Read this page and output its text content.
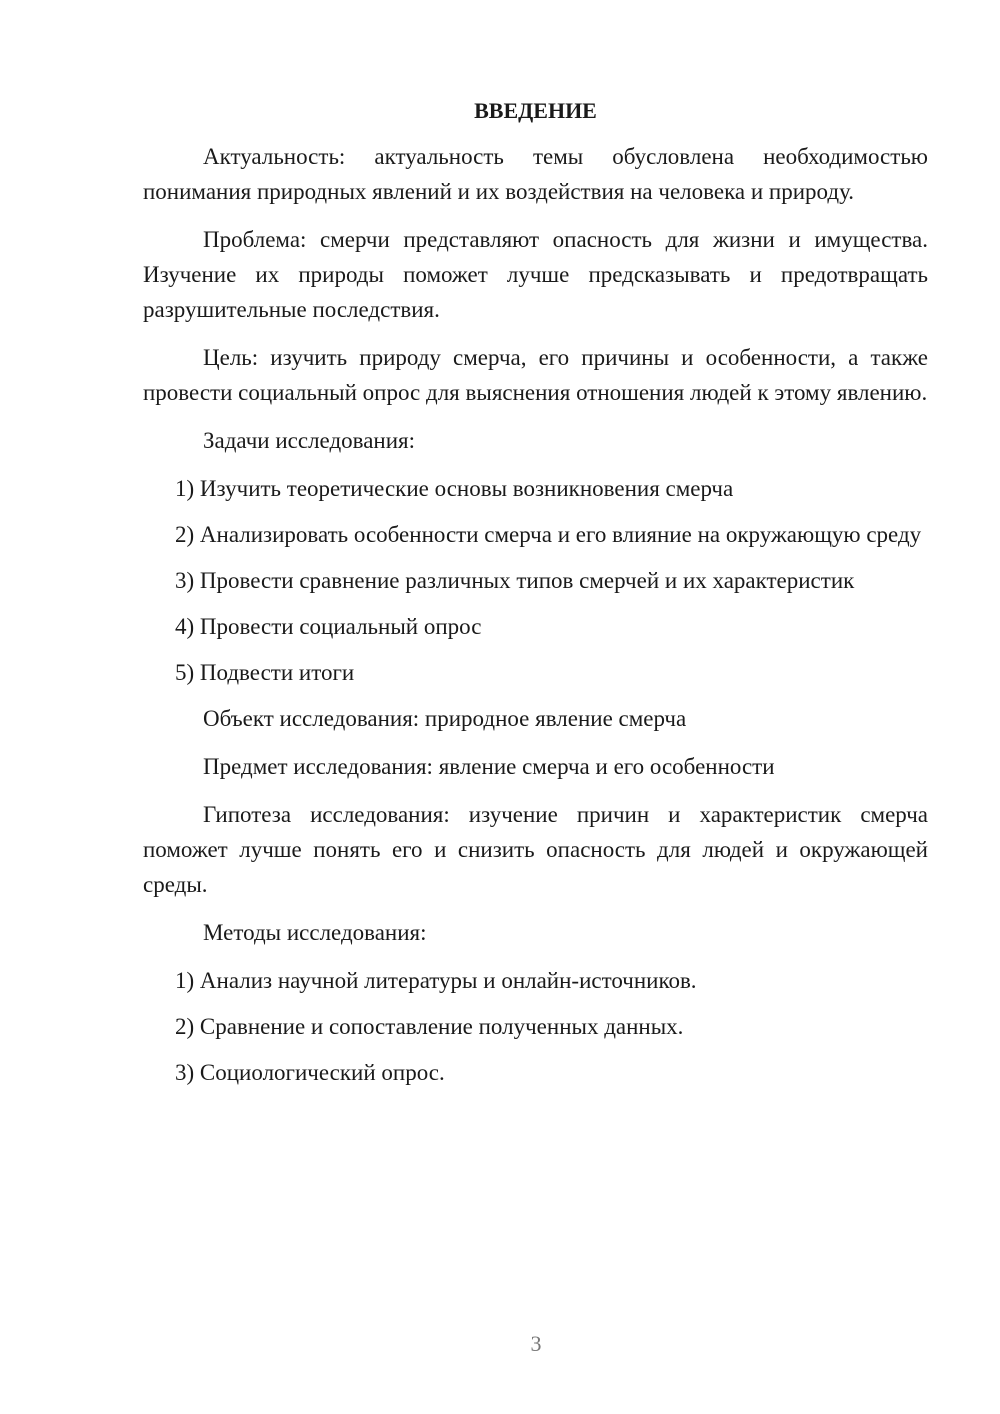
ВВЕДЕНИЕ

Актуальность: актуальность темы обусловлена необходимостью понимания природных явлений и их воздействия на человека и природу.

Проблема: смерчи представляют опасность для жизни и имущества. Изучение их природы поможет лучше предсказывать и предотвращать разрушительные последствия.

Цель: изучить природу смерча, его причины и особенности, а также провести социальный опрос для выяснения отношения людей к этому явлению.

Задачи исследования:

1) Изучить теоретические основы возникновения смерча

2) Анализировать особенности смерча и его влияние на окружающую среду

3) Провести сравнение различных типов смерчей и их характеристик

4) Провести социальный опрос

5) Подвести итоги

Объект исследования: природное явление смерча

Предмет исследования: явление смерча и его особенности

Гипотеза исследования: изучение причин и характеристик смерча поможет лучше понять его и снизить опасность для людей и окружающей среды.

Методы исследования:

1) Анализ научной литературы и онлайн-источников.

2) Сравнение и сопоставление полученных данных.

3) Социологический опрос.

3
